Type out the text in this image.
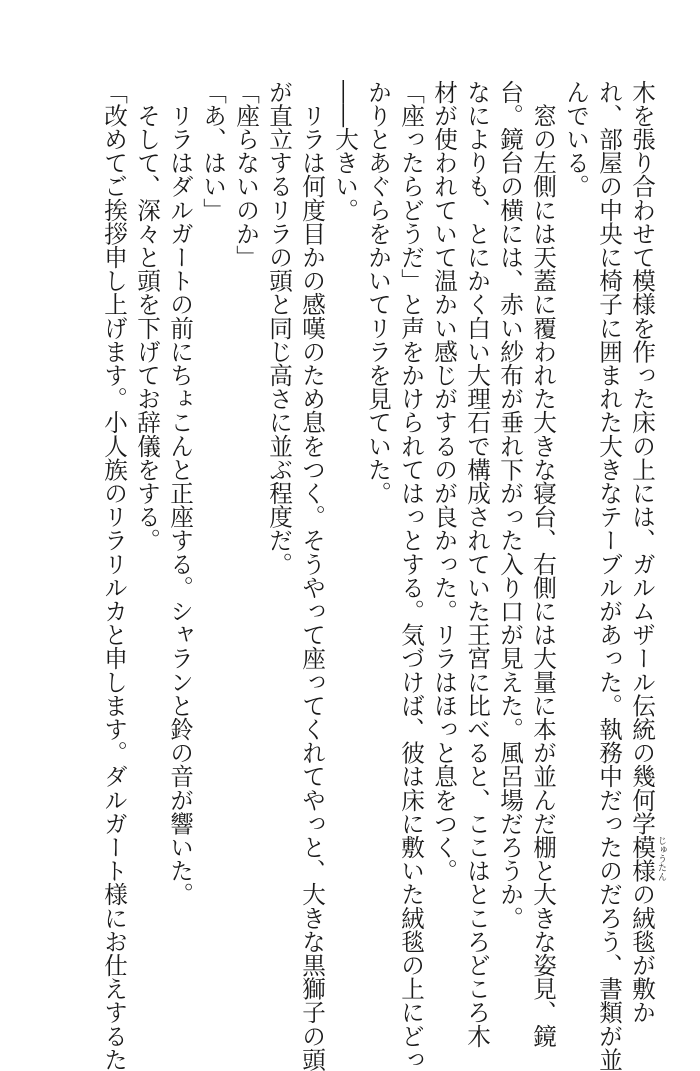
木を張り合わせて模様を作った床の上には、ガルムザール伝統の幾何学模様の絨毯が敷か
れ、部屋の中央に椅子に囲まれた大きなテーブルがあった。執務中だったのだろう、書類が並
んでいる。
　窓の左側には天蓋に覆われた大きな寝台、右側には大量に本が並んだ棚と大きな姿見、鏡
台。鏡台の横には、赤い紗布が垂れ下がった入り口が見えた。風呂場だろうか。
なによりも、とにかく白い大理石で構成されていた王宮に比べると、ここはところどころ木
材が使われていて温かい感じがするのが良かった。リラはほっと息をつく。
「座ったらどうだ」と声をかけられてはっとする。気づけば、彼は床に敷いた絨毯の上にどっ
かりとあぐらをかいてリラを見ていた。
――大きい。
　リラは何度目かの感嘆のため息をつく。そうやって座ってくれてやっと、大きな黒獅子の頭
が直立するリラの頭と同じ高さに並ぶ程度だ。
「座らないのか」
「あ、はい」
　リラはダルガートの前にちょこんと正座する。シャランと鈴の音が響いた。
　そして、深々と頭を下げてお辞儀をする。
「改めてご挨拶申し上げます。小人族のリラリルカと申します。ダルガート様にお仕えするた	じゅうたん
